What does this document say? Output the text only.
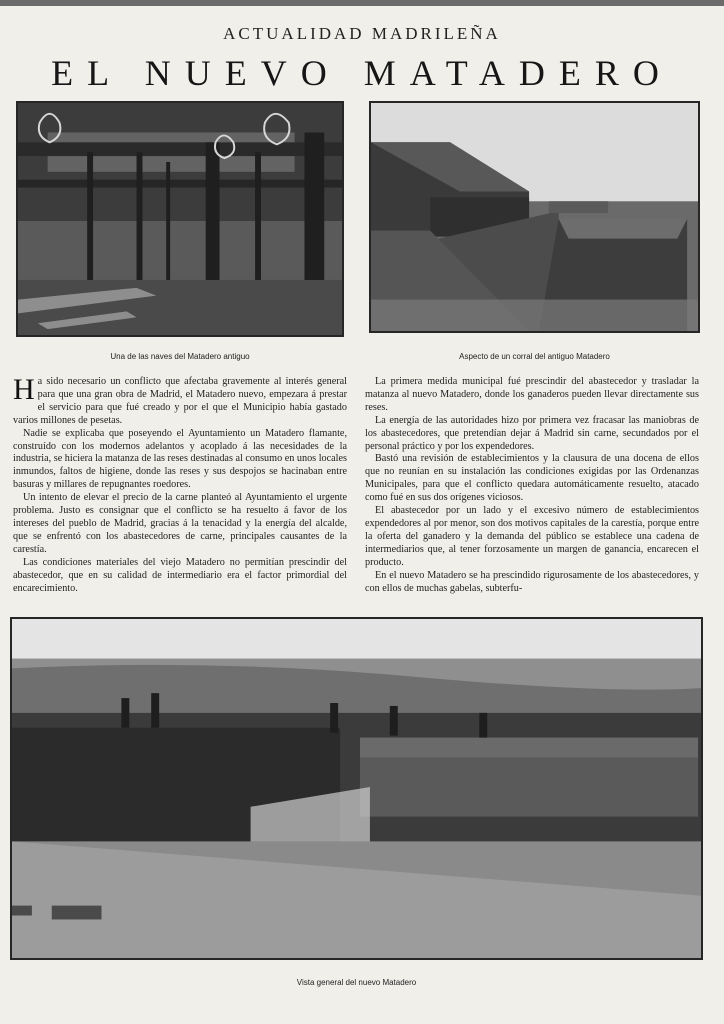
ACTUALIDAD MADRILEÑA
EL NUEVO MATADERO
Una de las naves del Matadero antiguo	Aspecto de un corral del antiguo Matadero

Ha sido necesario un conflicto que afectaba gravemente al interés general para que una gran obra de Madrid, el Matadero nuevo, empezara á prestar el servicio para que fué creado y por el que el Municipio había gastado varios millones de pesetas.

Nadie se explicaba que poseyendo el Ayuntamiento un Matadero flamante, construído con los modernos adelantos y acoplado á las necesidades de la industria, se hiciera la matanza de las reses destinadas al consumo en unos locales inmundos, faltos de higiene, donde las reses y sus despojos se hacinaban entre basuras y millares de repugnantes roedores.

Un intento de elevar el precio de la carne planteó al Ayuntamiento el urgente problema. Justo es consignar que el conflicto se ha resuelto á favor de los intereses del pueblo de Madrid, gracias á la tenacidad y la energía del alcalde, que se enfrentó con los abastecedores de carne, principales causantes de la carestía.

Las condiciones materiales del viejo Matadero no permitían prescindir del abastecedor, que en su calidad de intermediario era el factor primordial del encarecimiento.

La primera medida municipal fué prescindir del abastecedor y trasladar la matanza al nuevo Matadero, donde los ganaderos pueden llevar directamente sus reses.

La energía de las autoridades hizo por primera vez fracasar las maniobras de los abastecedores, que pretendían dejar á Madrid sin carne, secundados por el personal práctico y por los expendedores.

Bastó una revisión de establecimientos y la clausura de una docena de ellos que no reunían en su instalación las condiciones exigidas por las Ordenanzas Municipales, para que el conflicto quedara automáticamente resuelto, atacado como fué en sus dos orígenes viciosos.

El abastecedor por un lado y el excesivo número de establecimientos expendedores al por menor, son dos motivos capitales de la carestía, porque entre la oferta del ganadero y la demanda del público se establece una cadena de intermediarios que, al tener forzosamente un margen de ganancia, encarecen el producto.

En el nuevo Matadero se ha prescindido rigurosamente de los abastecedores, y con ellos de muchas gabelas, subterfu-

Vista general del nuevo Matadero
